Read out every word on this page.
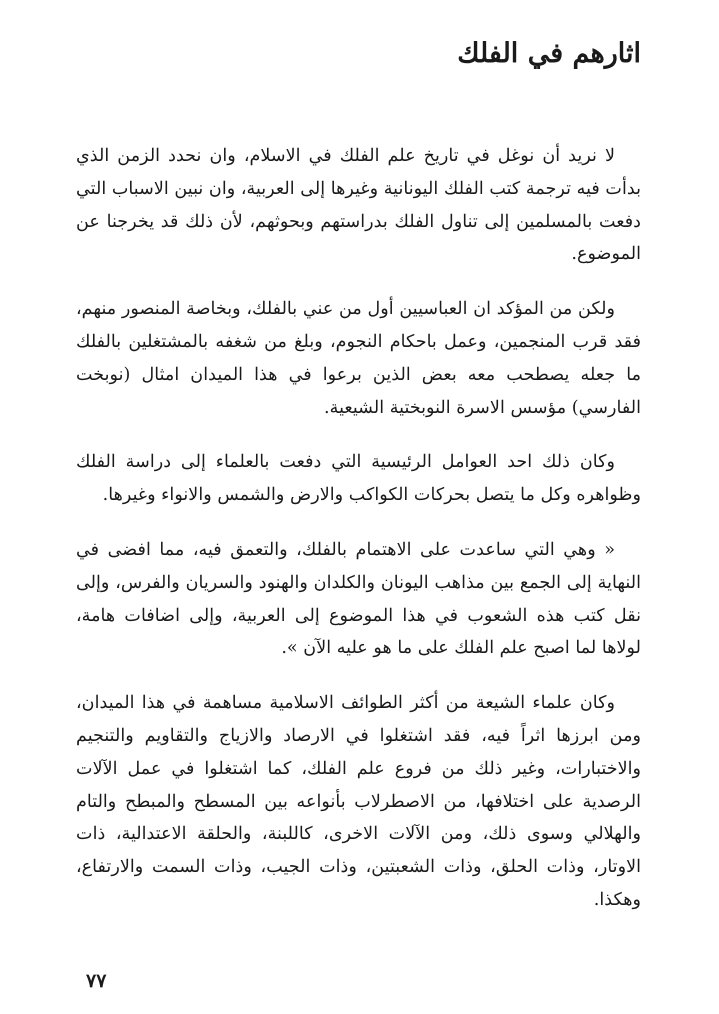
اثارهم في الفلك

لا نريد أن نوغل في تاريخ علم الفلك في الاسلام، وان نحدد الزمن الذي بدأت فيه ترجمة كتب الفلك اليونانية وغيرها إلى العربية، وان نبين الاسباب التي دفعت بالمسلمين إلى تناول الفلك بدراستهم وبحوثهم، لأن ذلك قد يخرجنا عن الموضوع.

ولكن من المؤكد ان العباسيين أول من عني بالفلك، وبخاصة المنصور منهم، فقد قرب المنجمين، وعمل باحكام النجوم، وبلغ من شغفه بالمشتغلين بالفلك ما جعله يصطحب معه بعض الذين برعوا في هذا الميدان امثال (نوبخت الفارسي) مؤسس الاسرة النوبختية الشيعية.

وكان ذلك احد العوامل الرئيسية التي دفعت بالعلماء إلى دراسة الفلك وظواهره وكل ما يتصل بحركات الكواكب والارض والشمس والانواء وغيرها.

« وهي التي ساعدت على الاهتمام بالفلك، والتعمق فيه، مما افضى في النهاية إلى الجمع بين مذاهب اليونان والكلدان والهنود والسريان والفرس، وإلى نقل كتب هذه الشعوب في هذا الموضوع إلى العربية، وإلى اضافات هامة، لولاها لما اصبح علم الفلك على ما هو عليه الآن ».

وكان علماء الشيعة من أكثر الطوائف الاسلامية مساهمة في هذا الميدان، ومن ابرزها اثراً فيه، فقد اشتغلوا في الارصاد والازياج والتقاويم والتنجيم والاختبارات، وغير ذلك من فروع علم الفلك، كما اشتغلوا في عمل الآلات الرصدية على اختلافها، من الاصطرلاب بأنواعه بين المسطح والمبطح والتام والهلالي وسوى ذلك، ومن الآلات الاخرى، كاللبنة، والحلقة الاعتدالية، ذات الاوتار، وذات الحلق، وذات الشعبتين، وذات الجيب، وذات السمت والارتفاع، وهكذا.

٧٧
